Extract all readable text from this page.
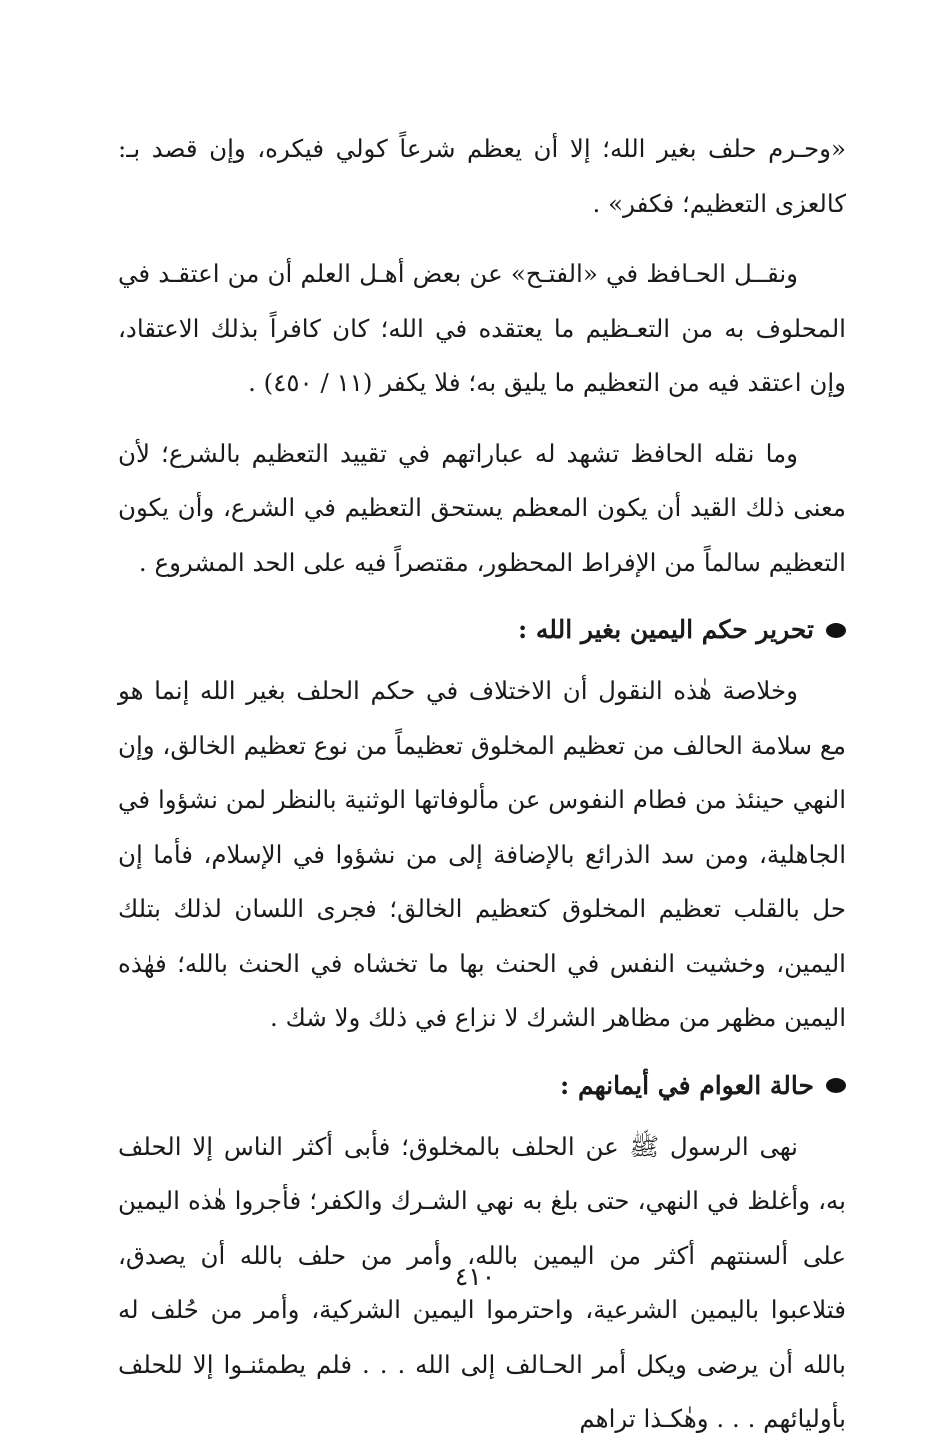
«وحـرم حلف بغير الله؛ إلا أن يعظم شرعاً كولي فيكره، وإن قصد بـ: كالعزى التعظيم؛ فكفر» .

ونقــل الحـافظ في «الفتـح» عن بعض أهـل العلم أن من اعتقـد في المحلوف به من التعـظيم ما يعتقده في الله؛ كان كافراً بذلك الاعتقاد، وإن اعتقد فيه من التعظيم ما يليق به؛ فلا يكفر (١١ / ٤٥٠) .

وما نقله الحافظ تشهد له عباراتهم في تقييد التعظيم بالشرع؛ لأن معنى ذلك القيد أن يكون المعظم يستحق التعظيم في الشرع، وأن يكون التعظيم سالماً من الإفراط المحظور، مقتصراً فيه على الحد المشروع .

تحرير حكم اليمين بغير الله :

وخلاصة هٰذه النقول أن الاختلاف في حكم الحلف بغير الله إنما هو مع سلامة الحالف من تعظيم المخلوق تعظيماً من نوع تعظيم الخالق، وإن النهي حينئذ من فطام النفوس عن مألوفاتها الوثنية بالنظر لمن نشؤوا في الجاهلية، ومن سد الذرائع بالإضافة إلى من نشؤوا في الإسلام، فأما إن حل بالقلب تعظيم المخلوق كتعظيم الخالق؛ فجرى اللسان لذلك بتلك اليمين، وخشيت النفس في الحنث بها ما تخشاه في الحنث بالله؛ فهٰذه اليمين مظهر من مظاهر الشرك لا نزاع في ذلك ولا شك .

حالة العوام في أيمانهم :

نهى الرسول ﷺ عن الحلف بالمخلوق؛ فأبى أكثر الناس إلا الحلف به، وأغلظ في النهي، حتى بلغ به نهي الشـرك والكفر؛ فأجروا هٰذه اليمين على ألسنتهم أكثر من اليمين بالله، وأمر من حلف بالله أن يصدق، فتلاعبوا باليمين الشرعية، واحترموا اليمين الشركية، وأمر من حُلف له بالله أن يرضى ويكل أمر الحـالف إلى الله . . . فلم يطمئنـوا إلا للحلف بأوليائهم . . . وهٰكـذا تراهم

٤١٠
